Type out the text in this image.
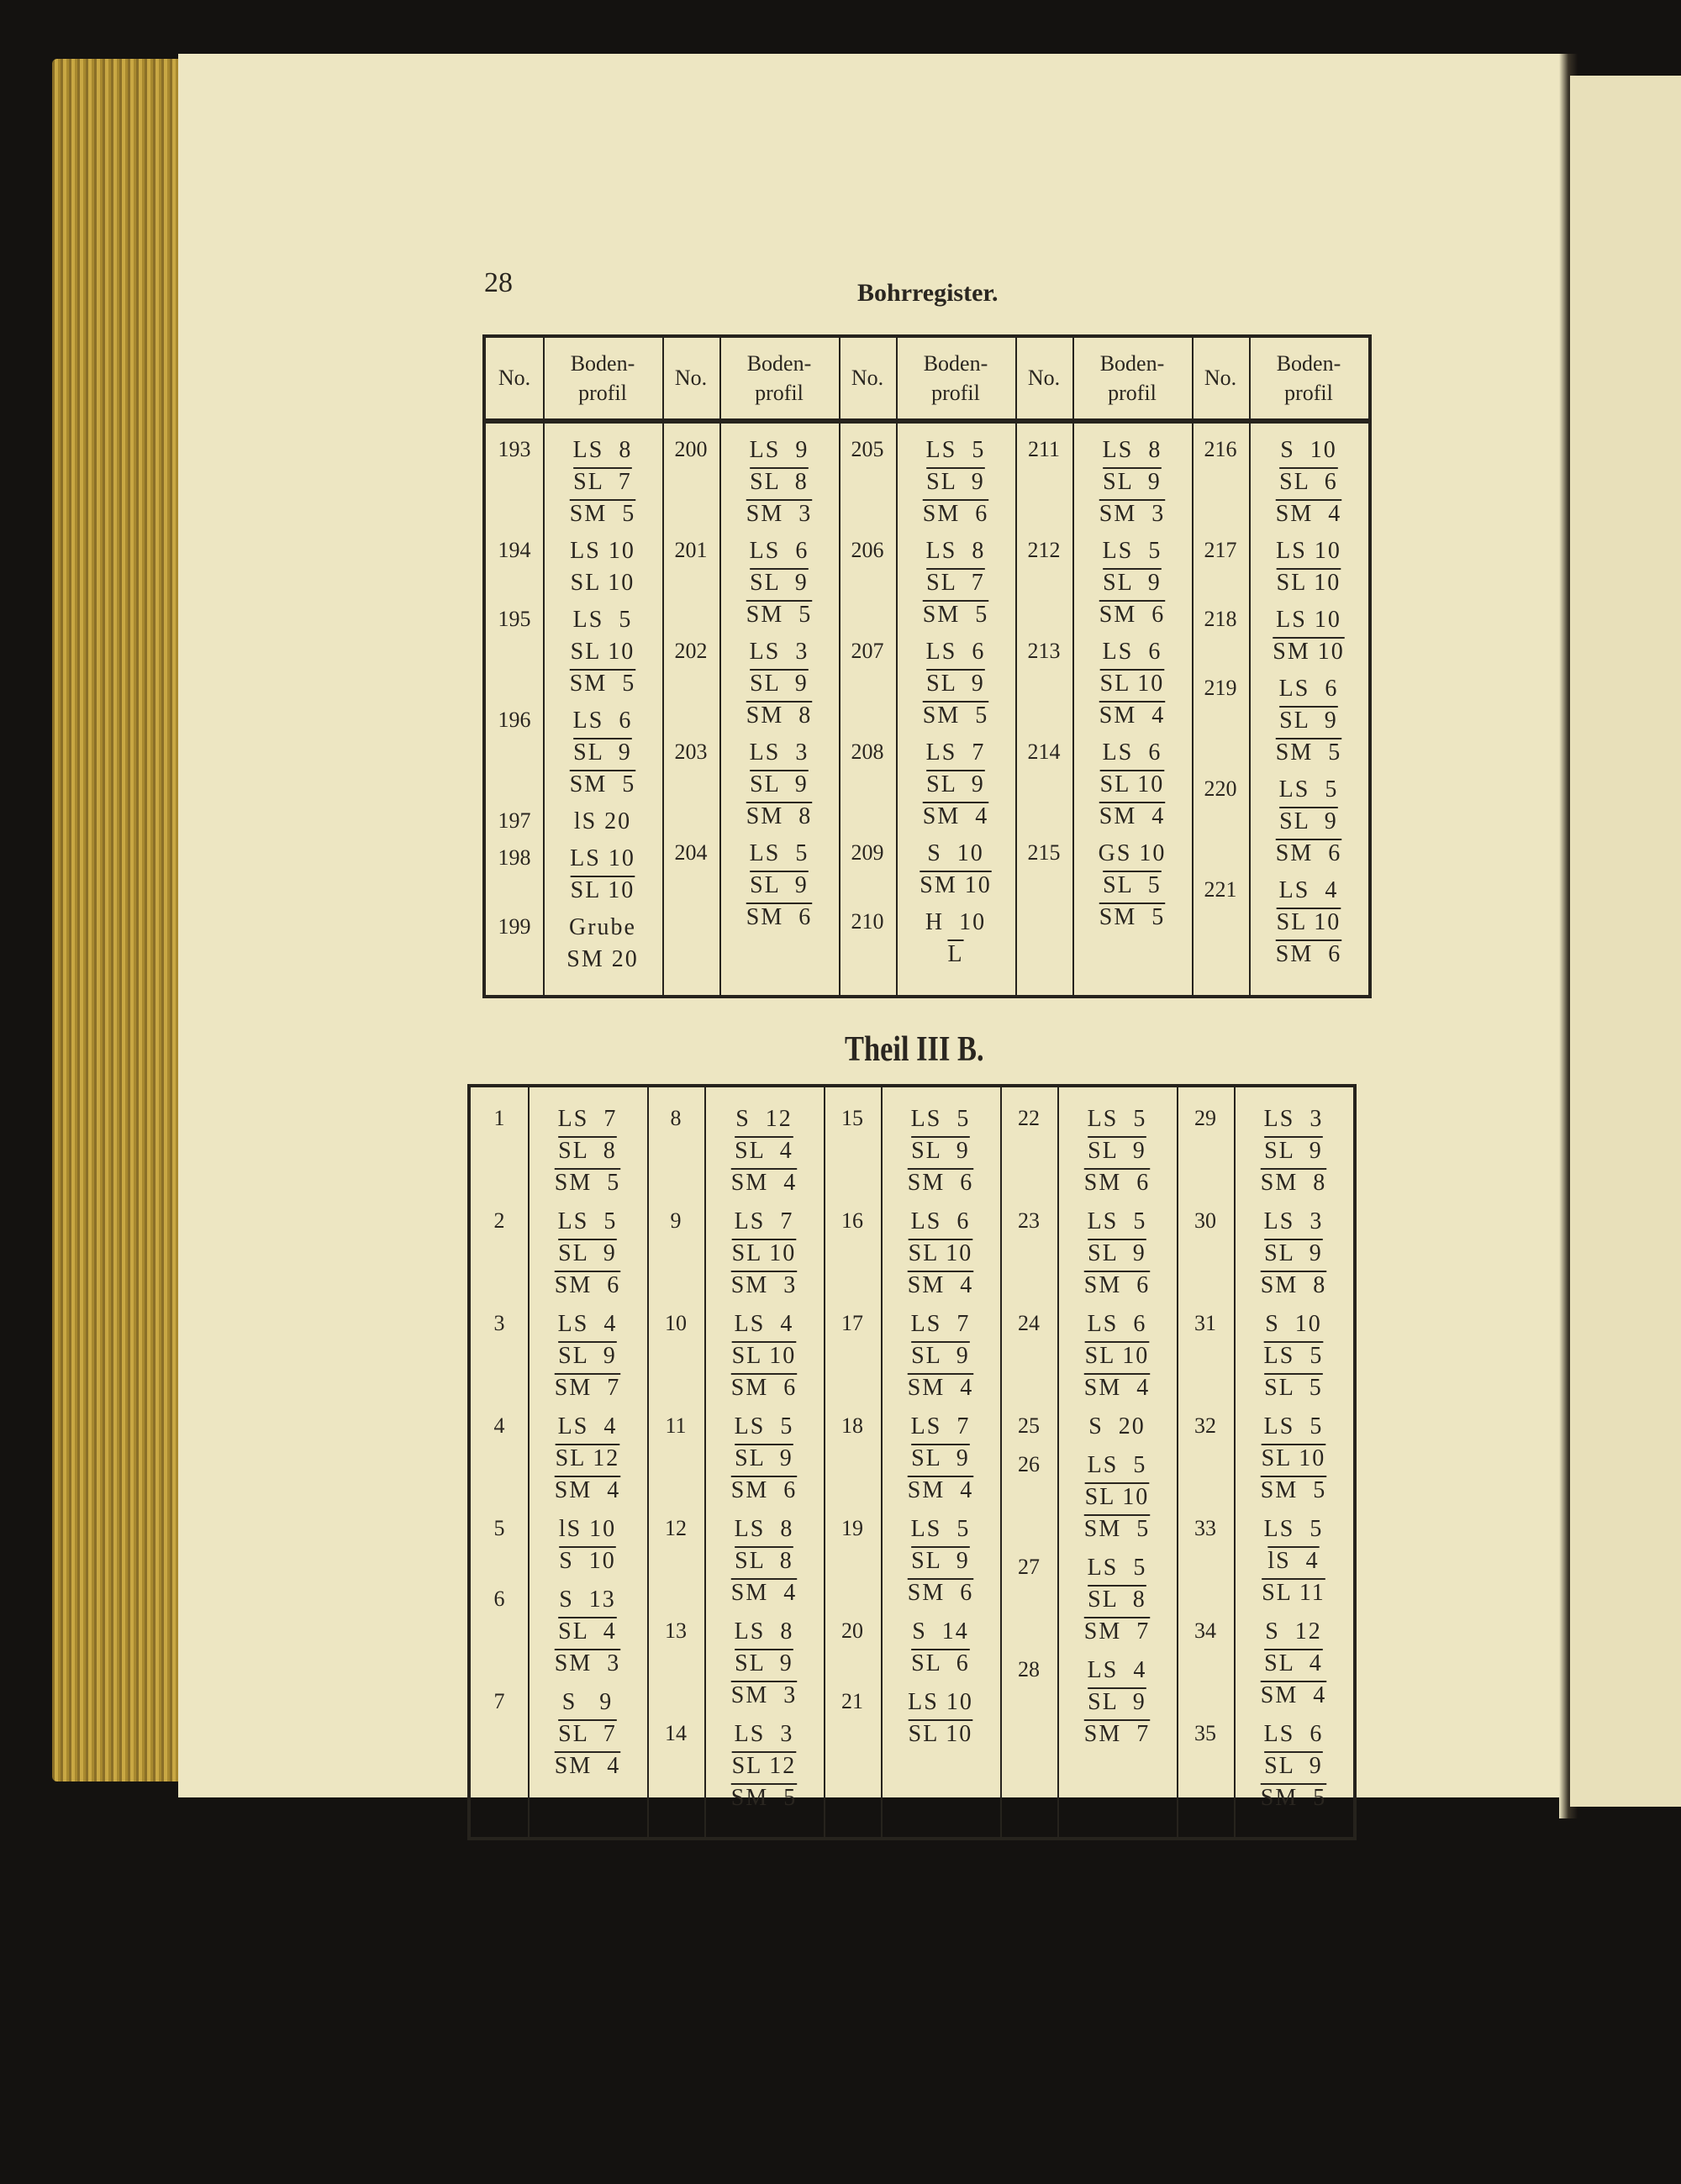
28	Bohrregister.
No.
Boden-
profil
No.
Boden-
profil
No.
Boden-
profil
No.
Boden-
profil
No.
Boden-
profil
193	LS  8
SL  7
SM  5
194	LS 10
SL 10
195	LS  5
SL 10
SM  5
196	LS  6
SL  9
SM  5
197	lS 20
198	LS 10
SL 10
199	Grube
SM 20
200	LS  9
SL  8
SM  3
201	LS  6
SL  9
SM  5
202	LS  3
SL  9
SM  8
203	LS  3
SL  9
SM  8
204	LS  5
SL  9
SM  6
205	LS  5
SL  9
SM  6
206	LS  8
SL  7
SM  5
207	LS  6
SL  9
SM  5
208	LS  7
SL  9
SM  4
209	S  10
SM 10
210	H  10
$\overline{L}$
211	LS  8
SL  9
SM  3
212	LS  5
SL  9
SM  6
213	LS  6
SL 10
SM  4
214	LS  6
SL 10
SM  4
215	GS 10
SL  5
SM  5
216	S  10
SL  6
SM  4
217	LS 10
SL 10
218	LS 10
SM 10
219	LS  6
SL  9
SM  5
220	LS  5
SL  9
SM  6
221	LS  4
SL 10
SM  6
Theil III B.
1	LS  7
SL  8
SM  5
2	LS  5
SL  9
SM  6
3	LS  4
SL  9
SM  7
4	LS  4
SL 12
SM  4
5	lS 10
S  10
6	S  13
SL  4
SM  3
7	S   9
SL  7
SM  4
8	S  12
SL  4
SM  4
9	LS  7
SL 10
SM  3
10	LS  4
SL 10
SM  6
11	LS  5
SL  9
SM  6
12	LS  8
SL  8
SM  4
13	LS  8
SL  9
SM  3
14	LS  3
SL 12
SM  5
15	LS  5
SL  9
SM  6
16	LS  6
SL 10
SM  4
17	LS  7
SL  9
SM  4
18	LS  7
SL  9
SM  4
19	LS  5
SL  9
SM  6
20	S  14
SL  6
21	LS 10
SL 10
22	LS  5
SL  9
SM  6
23	LS  5
SL  9
SM  6
24	LS  6
SL 10
SM  4
25	S  20
26	LS  5
SL 10
SM  5
27	LS  5
SL  8
SM  7
28	LS  4
SL  9
SM  7
29	LS  3
SL  9
SM  8
30	LS  3
SL  9
SM  8
31	S  10
LS  5
SL  5
32	LS  5
SL 10
SM  5
33	LS  5
lS  4
SL 11
34	S  12
SL  4
SM  4
35	LS  6
SL  9
SM  5
